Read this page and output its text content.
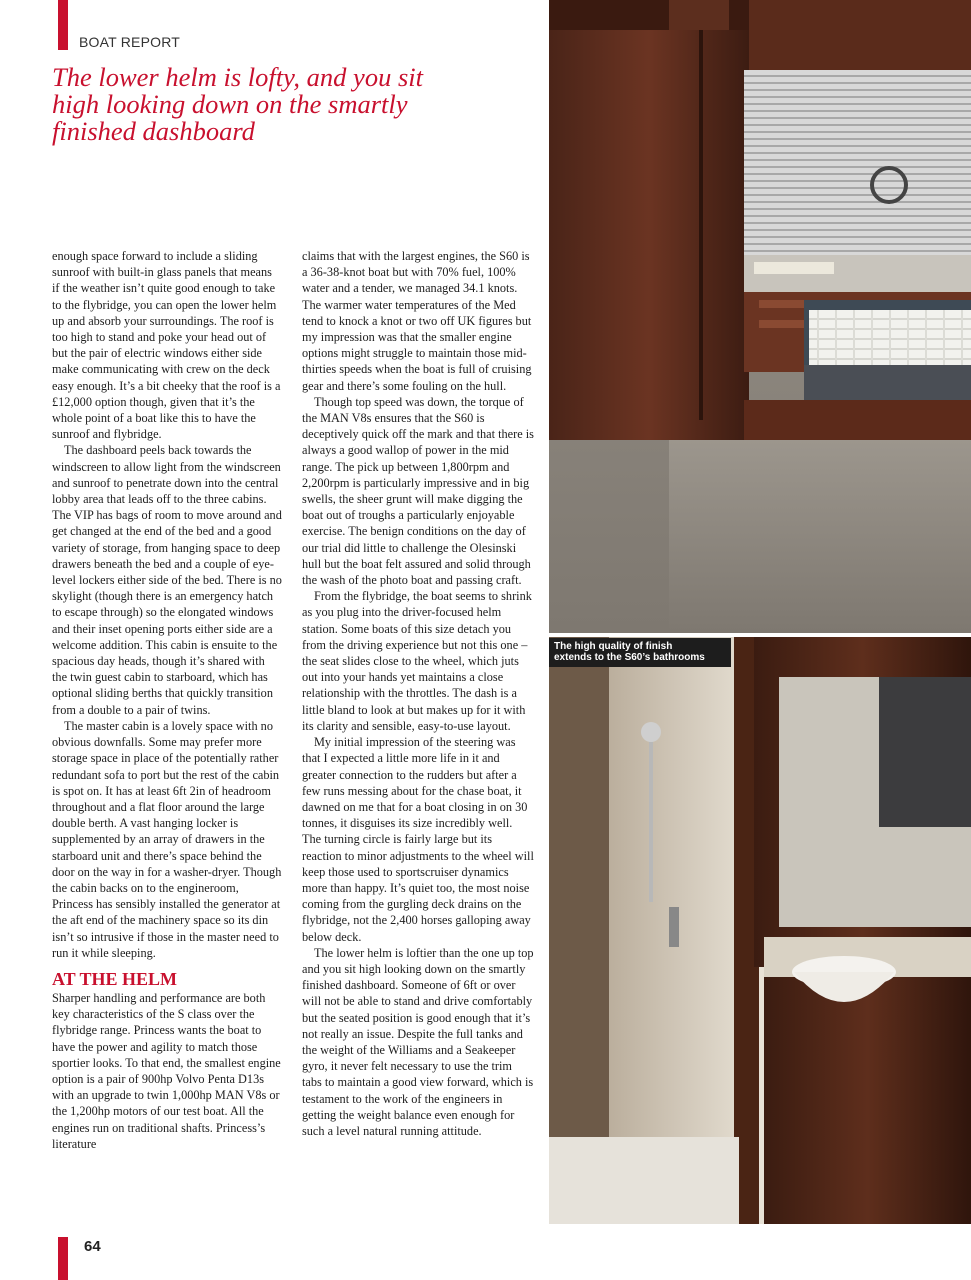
BOAT REPORT
The lower helm is lofty, and you sit high looking down on the smartly finished dashboard

enough space forward to include a sliding sunroof with built-in glass panels that means if the weather isn’t quite good enough to take to the flybridge, you can open the lower helm up and absorb your surroundings. The roof is too high to stand and poke your head out of but the pair of electric windows either side make communicating with crew on the deck easy enough. It’s a bit cheeky that the roof is a £12,000 option though, given that it’s the whole point of a boat like this to have the sunroof and flybridge.

The dashboard peels back towards the windscreen to allow light from the windscreen and sunroof to penetrate down into the central lobby area that leads off to the three cabins. The VIP has bags of room to move around and get changed at the end of the bed and a good variety of storage, from hanging space to deep drawers beneath the bed and a couple of eye-level lockers either side of the bed. There is no skylight (though there is an emergency hatch to escape through) so the elongated windows and their inset opening ports either side are a welcome addition. This cabin is ensuite to the spacious day heads, though it’s shared with the twin guest cabin to starboard, which has optional sliding berths that quickly transition from a double to a pair of twins.

The master cabin is a lovely space with no obvious downfalls. Some may prefer more storage space in place of the potentially rather redundant sofa to port but the rest of the cabin is spot on. It has at least 6ft 2in of headroom throughout and a flat floor around the large double berth. A vast hanging locker is supplemented by an array of drawers in the starboard unit and there’s space behind the door on the way in for a washer-dryer. Though the cabin backs on to the engineroom, Princess has sensibly installed the generator at the aft end of the machinery space so its din isn’t so intrusive if those in the master need to run it while sleeping.

AT THE HELM

Sharper handling and performance are both key characteristics of the S class over the flybridge range. Princess wants the boat to have the power and agility to match those sportier looks. To that end, the smallest engine option is a pair of 900hp Volvo Penta D13s with an upgrade to twin 1,000hp MAN V8s or the 1,200hp motors of our test boat. All the engines run on traditional shafts. Princess’s literature

claims that with the largest engines, the S60 is a 36-38-knot boat but with 70% fuel, 100% water and a tender, we managed 34.1 knots. The warmer water temperatures of the Med tend to knock a knot or two off UK figures but my impression was that the smaller engine options might struggle to maintain those mid-thirties speeds when the boat is full of cruising gear and there’s some fouling on the hull.

Though top speed was down, the torque of the MAN V8s ensures that the S60 is deceptively quick off the mark and that there is always a good wallop of power in the mid range. The pick up between 1,800rpm and 2,200rpm is particularly impressive and in big swells, the sheer grunt will make digging the boat out of troughs a particularly enjoyable exercise. The benign conditions on the day of our trial did little to challenge the Olesinski hull but the boat felt assured and solid through the wash of the photo boat and passing craft.

From the flybridge, the boat seems to shrink as you plug into the driver-focused helm station. Some boats of this size detach you from the driving experience but not this one – the seat slides close to the wheel, which juts out into your hands yet maintains a close relationship with the throttles. The dash is a little bland to look at but makes up for it with its clarity and sensible, easy-to-use layout.

My initial impression of the steering was that I expected a little more life in it and greater connection to the rudders but after a few runs messing about for the chase boat, it dawned on me that for a boat closing in on 30 tonnes, it disguises its size incredibly well. The turning circle is fairly large but its reaction to minor adjustments to the wheel will keep those used to sportscruiser dynamics more than happy. It’s quiet too, the most noise coming from the gurgling deck drains on the flybridge, not the 2,400 horses galloping away below deck.

The lower helm is loftier than the one up top and you sit high looking down on the smartly finished dashboard. Someone of 6ft or over will not be able to stand and drive comfortably but the seated position is good enough that it’s not really an issue. Despite the full tanks and the weight of the Williams and a Seakeeper gyro, it never felt necessary to use the trim tabs to maintain a good view forward, which is testament to the work of the engineers in getting the weight balance even enough for such a level natural running attitude.

The high quality of finish

extends to the S60’s bathrooms

64
